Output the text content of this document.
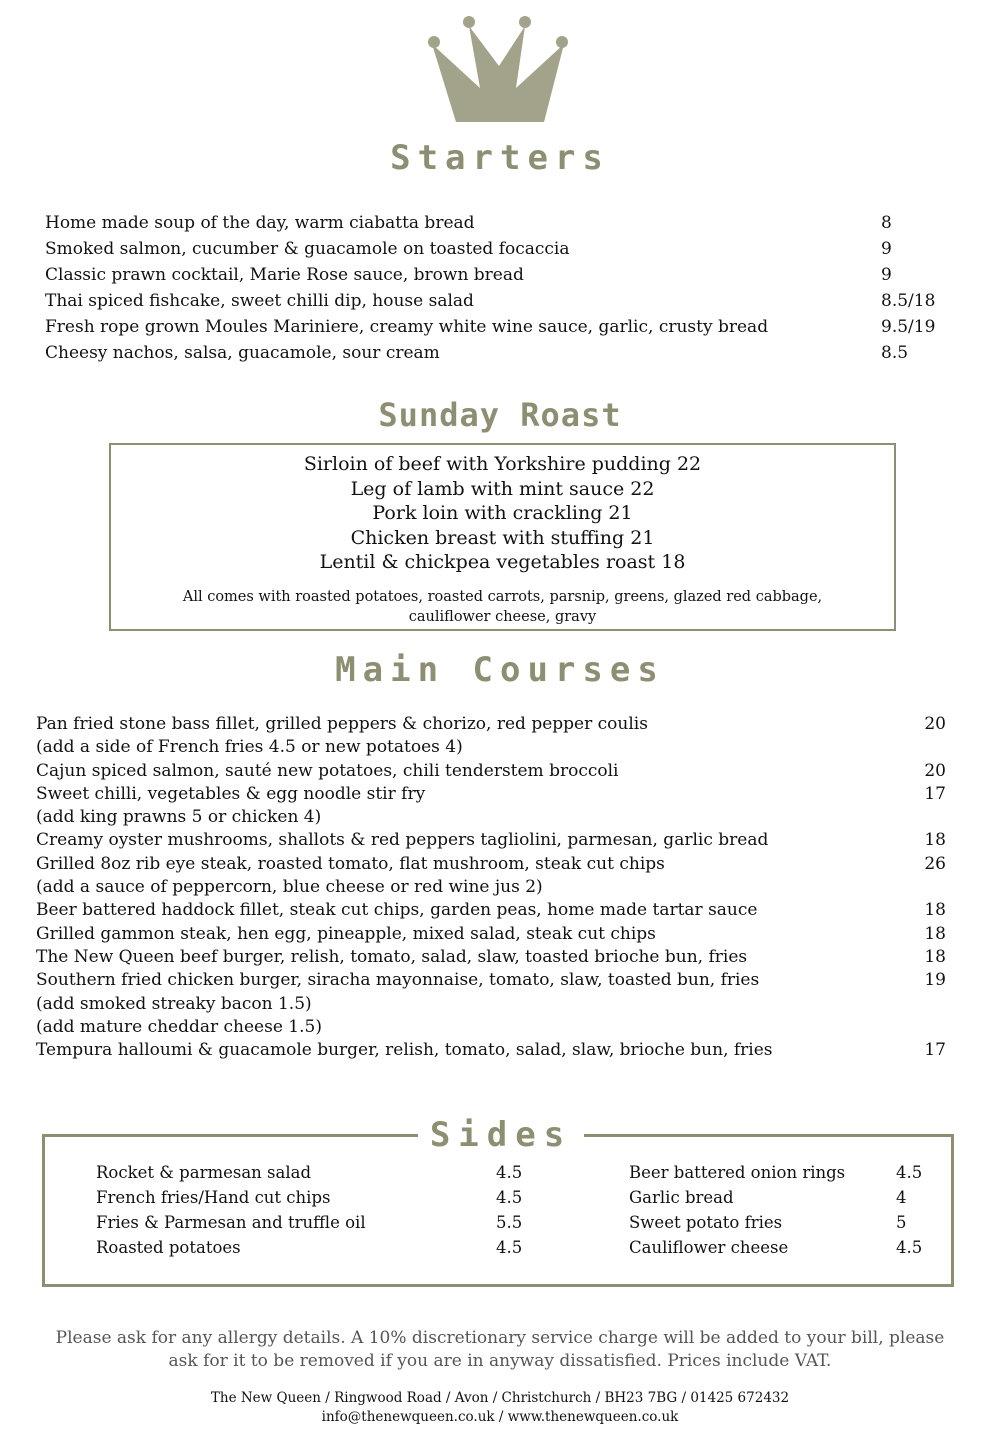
Starters
Home made soup of the day, warm ciabatta bread	8
Smoked salmon, cucumber & guacamole on toasted focaccia	9
Classic prawn cocktail, Marie Rose sauce, brown bread	9
Thai spiced fishcake, sweet chilli dip, house salad	8.5/18
Fresh rope grown Moules Mariniere, creamy white wine sauce, garlic, crusty bread	9.5/19
Cheesy nachos, salsa, guacamole, sour cream	8.5
Sunday Roast
Sirloin of beef with Yorkshire pudding 22
Leg of lamb with mint sauce 22
Pork loin with crackling 21
Chicken breast with stuffing 21
Lentil & chickpea vegetables roast 18
All comes with roasted potatoes, roasted carrots, parsnip, greens, glazed red cabbage, cauliflower cheese, gravy
Main Courses
Pan fried stone bass fillet, grilled peppers & chorizo, red pepper coulis	20
(add a side of French fries 4.5 or new potatoes 4)
Cajun spiced salmon, sauté new potatoes, chili tenderstem broccoli	20
Sweet chilli, vegetables & egg noodle stir fry	17
(add king prawns 5 or chicken 4)
Creamy oyster mushrooms, shallots & red peppers tagliolini, parmesan, garlic bread	18
Grilled 8oz rib eye steak, roasted tomato, flat mushroom, steak cut chips	26
(add a sauce of peppercorn, blue cheese or red wine jus 2)
Beer battered haddock fillet, steak cut chips, garden peas, home made tartar sauce	18
Grilled gammon steak, hen egg, pineapple, mixed salad, steak cut chips	18
The New Queen beef burger, relish, tomato, salad, slaw, toasted brioche bun, fries	18
Southern fried chicken burger, siracha mayonnaise, tomato, slaw, toasted bun, fries	19
(add smoked streaky bacon 1.5)
(add mature cheddar cheese 1.5)
Tempura halloumi & guacamole burger, relish, tomato, salad, slaw, brioche bun, fries	17
Sides
Rocket & parmesan salad	4.5
French fries/Hand cut chips	4.5
Fries & Parmesan and truffle oil	5.5
Roasted potatoes	4.5
Beer battered onion rings	4.5
Garlic bread	4
Sweet potato fries	5
Cauliflower cheese	4.5
Please ask for any allergy details. A 10% discretionary service charge will be added to your bill, please ask for it to be removed if you are in anyway dissatisfied. Prices include VAT.
The New Queen / Ringwood Road / Avon / Christchurch / BH23 7BG / 01425 672432
info@thenewqueen.co.uk / www.thenewqueen.co.uk
